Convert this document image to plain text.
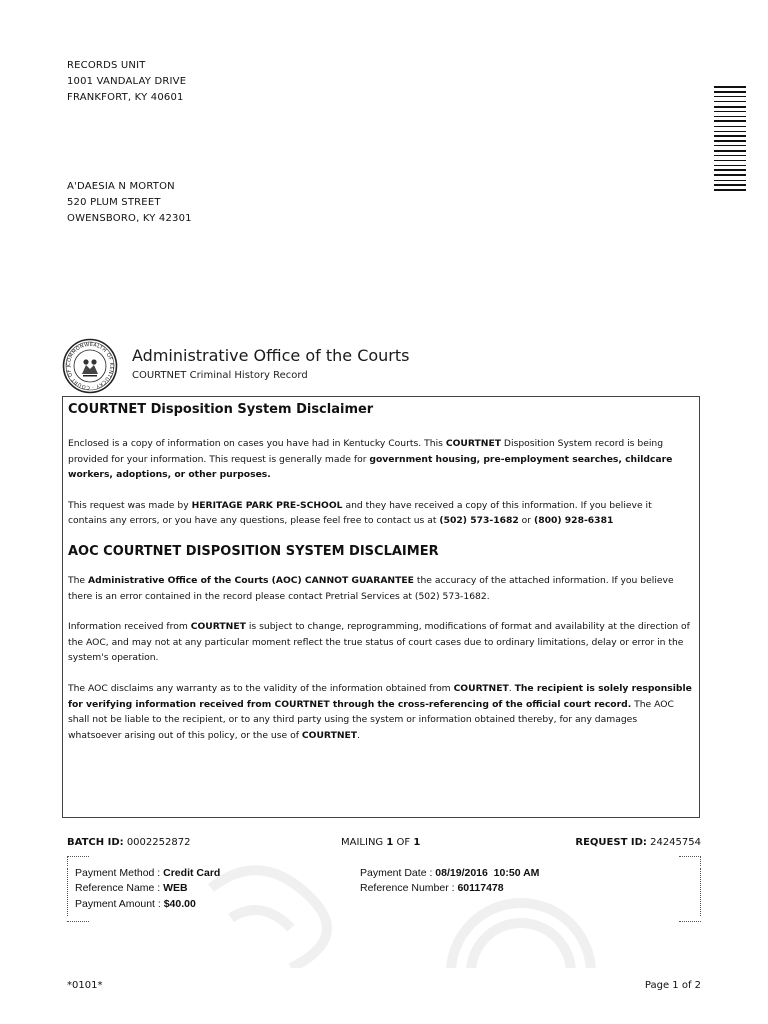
RECORDS UNIT
1001 VANDALAY DRIVE
FRANKFORT, KY 40601
A'DAESIA N MORTON
520 PLUM STREET
OWENSBORO, KY 42301
COMMONWEALTH OF KENTUCKY · COURT OF J
Administrative Office of the Courts
COURTNET Criminal History Record
COURTNET Disposition System Disclaimer

Enclosed is a copy of information on cases you have had in Kentucky Courts. This COURTNET Disposition System record is being provided for your information. This request is generally made for government housing, pre-employment searches, childcare workers, adoptions, or other purposes.

This request was made by HERITAGE PARK PRE-SCHOOL and they have received a copy of this information. If you believe it contains any errors, or you have any questions, please feel free to contact us at (502) 573-1682 or (800) 928-6381

AOC COURTNET DISPOSITION SYSTEM DISCLAIMER

The Administrative Office of the Courts (AOC) CANNOT GUARANTEE the accuracy of the attached information. If you believe there is an error contained in the record please contact Pretrial Services at (502) 573-1682.

Information received from COURTNET is subject to change, reprogramming, modifications of format and availability at the direction of the AOC, and may not at any particular moment reflect the true status of court cases due to ordinary limitations, delay or error in the system's operation.

The AOC disclaims any warranty as to the validity of the information obtained from COURTNET. The recipient is solely responsible for verifying information received from COURTNET through the cross-referencing of the official court record. The AOC shall not be liable to the recipient, or to any third party using the system or information obtained thereby, for any damages whatsoever arising out of this policy, or the use of COURTNET.

BATCH ID: 0002252872	MAILING 1 OF 1	REQUEST ID: 24245754
Payment Method : Credit Card
Reference Name : WEB
Payment Amount : $40.00
Payment Date : 08/19/2016  10:50 AM
Reference Number : 60117478
*0101*	Page 1 of 2
